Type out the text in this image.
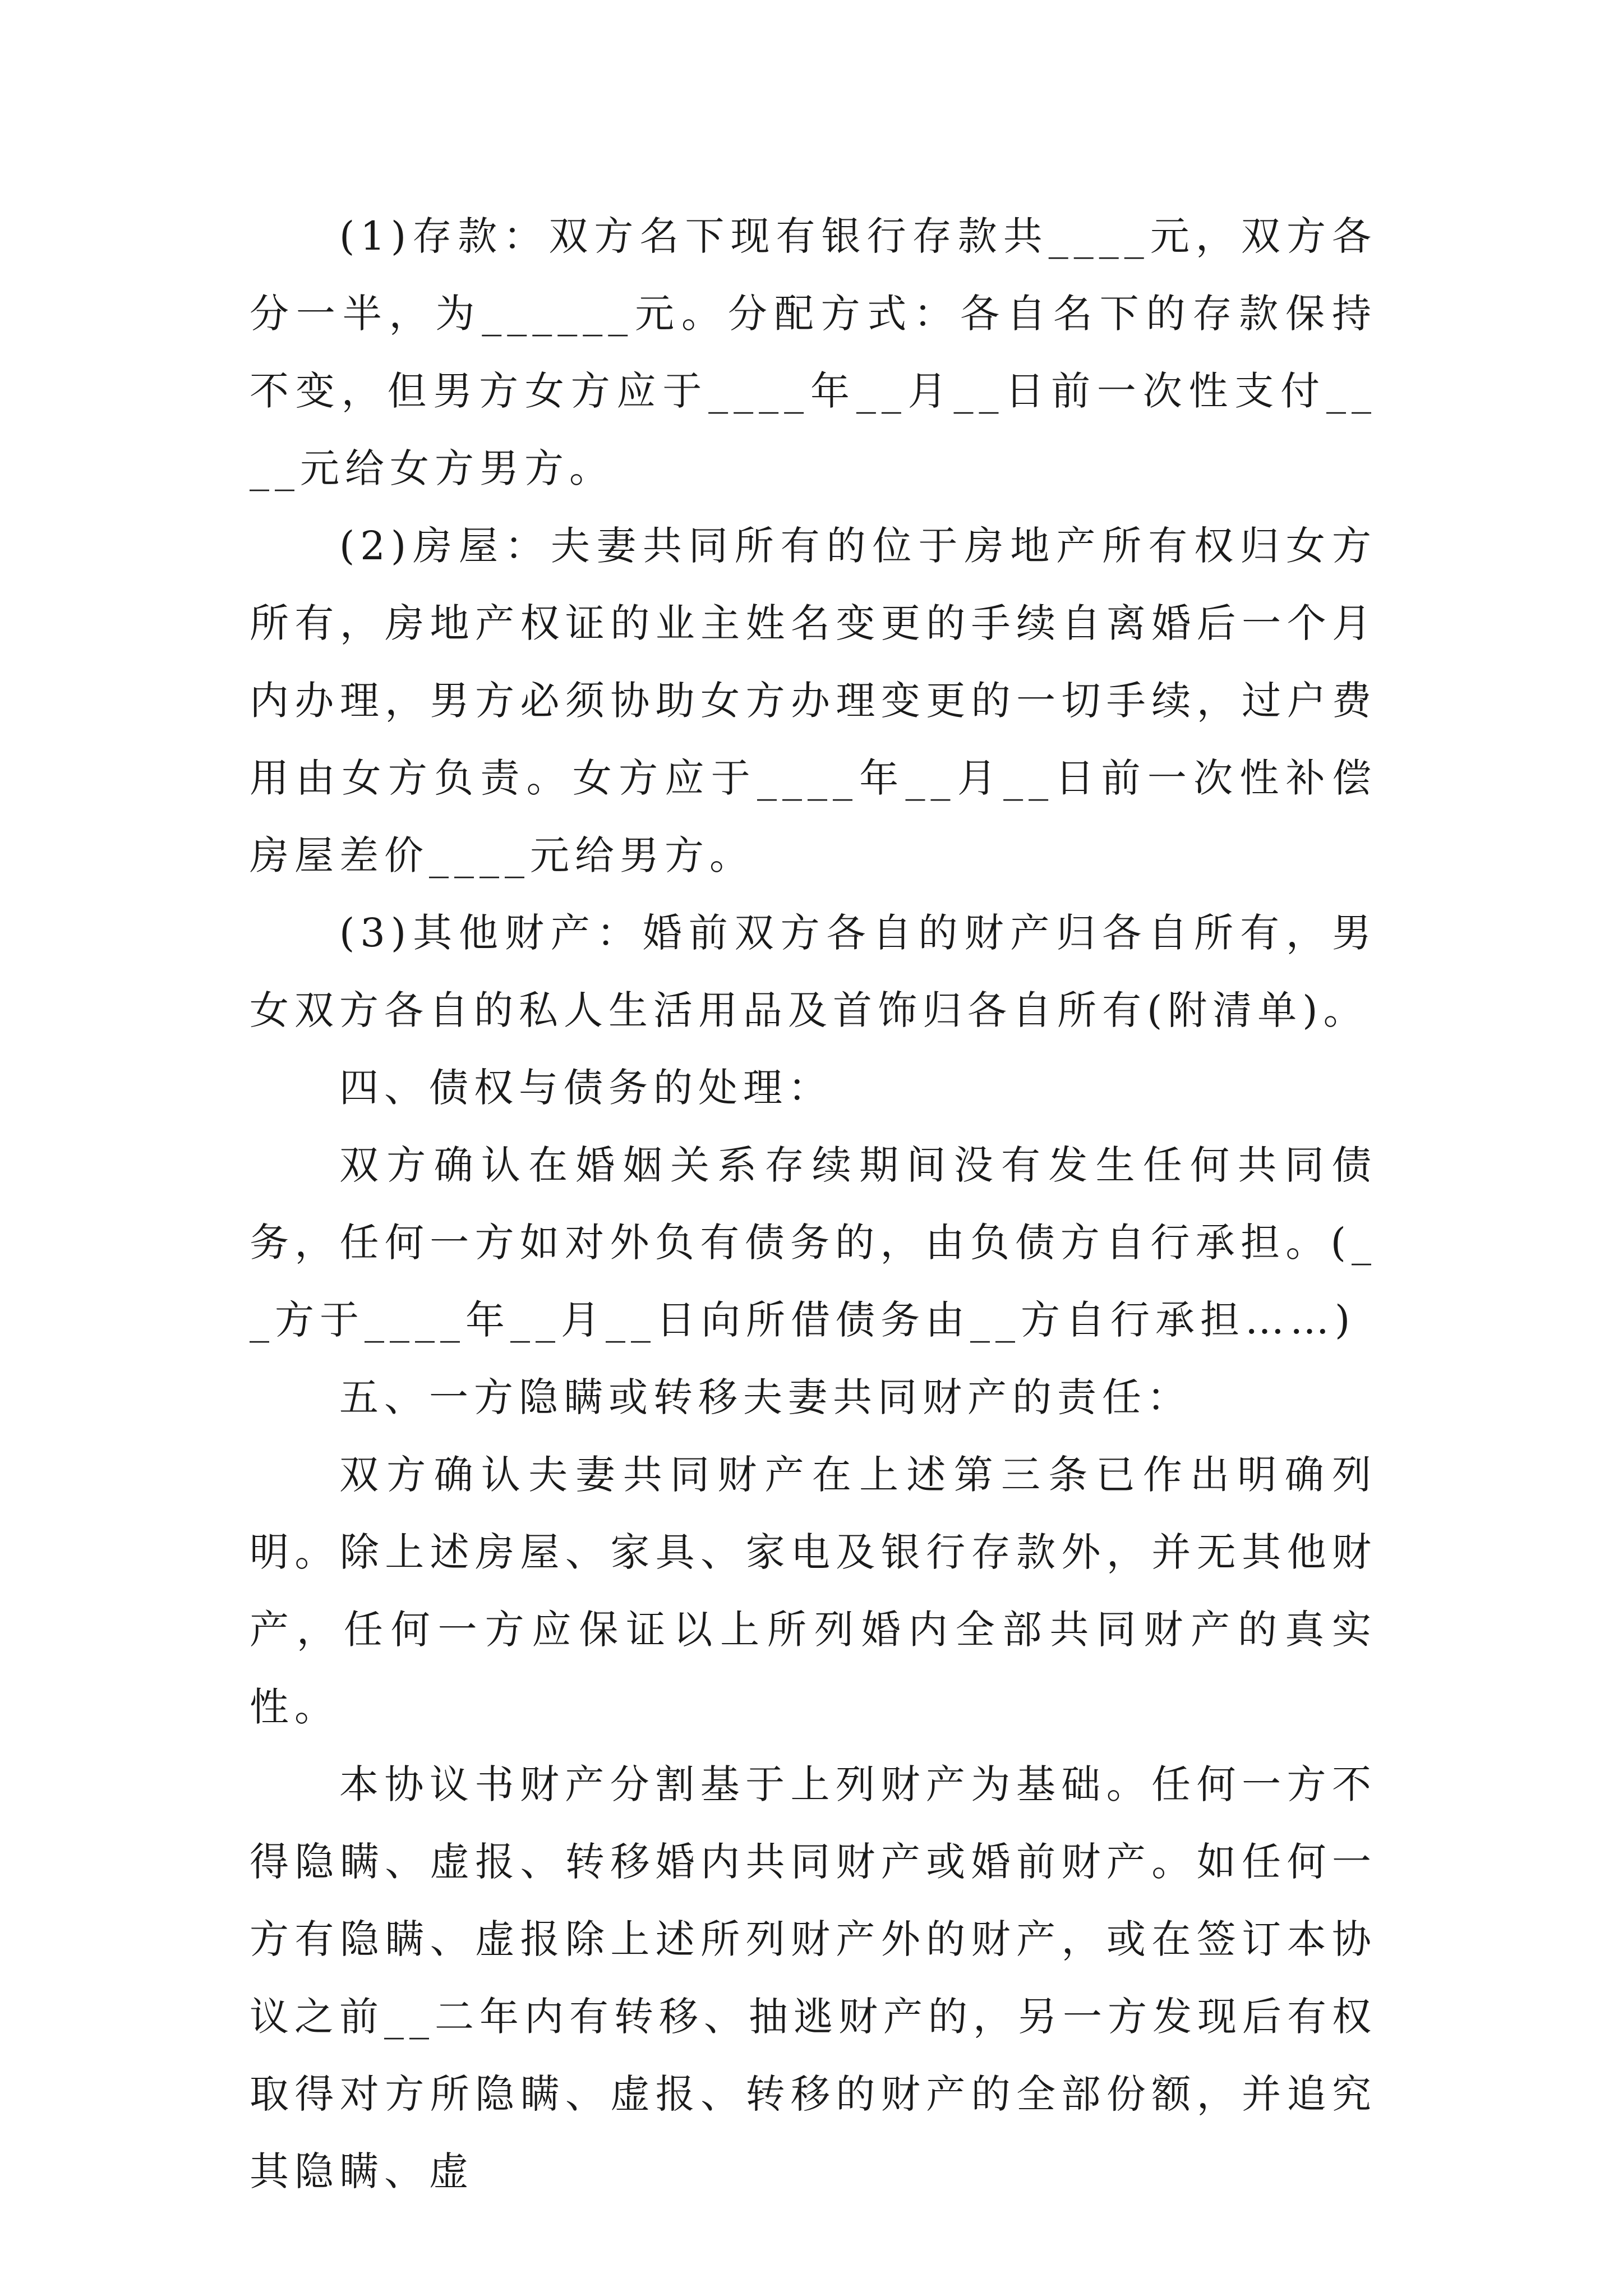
(1)存款：双方名下现有银行存款共____元，双方各分一半，为______元。分配方式：各自名下的存款保持不变，但男方女方应于____年__月__日前一次性支付____元给女方男方。

(2)房屋：夫妻共同所有的位于房地产所有权归女方所有，房地产权证的业主姓名变更的手续自离婚后一个月内办理，男方必须协助女方办理变更的一切手续，过户费用由女方负责。女方应于____年__月__日前一次性补偿房屋差价____元给男方。

(3)其他财产：婚前双方各自的财产归各自所有，男女双方各自的私人生活用品及首饰归各自所有(附清单)。

四、债权与债务的处理：

双方确认在婚姻关系存续期间没有发生任何共同债务，任何一方如对外负有债务的，由负债方自行承担。(__方于____年__月__日向所借债务由__方自行承担……)

五、一方隐瞒或转移夫妻共同财产的责任：

双方确认夫妻共同财产在上述第三条已作出明确列明。除上述房屋、家具、家电及银行存款外，并无其他财产，任何一方应保证以上所列婚内全部共同财产的真实性。

本协议书财产分割基于上列财产为基础。任何一方不得隐瞒、虚报、转移婚内共同财产或婚前财产。如任何一方有隐瞒、虚报除上述所列财产外的财产，或在签订本协议之前__二年内有转移、抽逃财产的，另一方发现后有权取得对方所隐瞒、虚报、转移的财产的全部份额，并追究其隐瞒、虚
